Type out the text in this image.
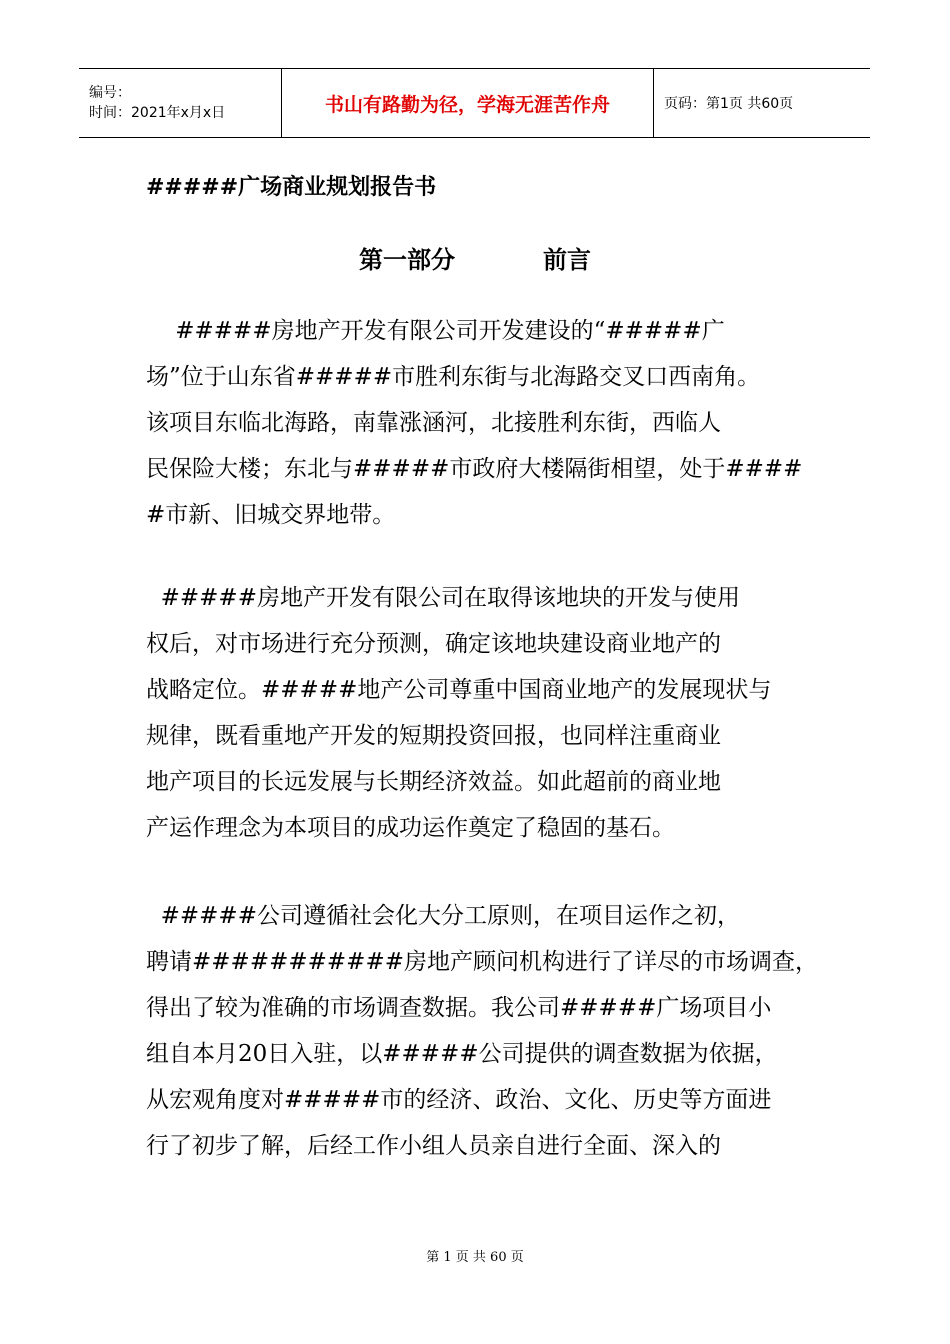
编号：
时间：2021年x月x日	书山有路勤为径，学海无涯苦作舟	页码：第1页 共60页
#####广场商业规划报告书
第一部分	前言
#####房地产开发有限公司开发建设的“#####广
场”位于山东省#####市胜利东街与北海路交叉口西南角。
该项目东临北海路，南靠涨涵河，北接胜利东街，西临人
民保险大楼；东北与#####市政府大楼隔街相望，处于####
#市新、旧城交界地带。
#####房地产开发有限公司在取得该地块的开发与使用
权后，对市场进行充分预测，确定该地块建设商业地产的
战略定位。#####地产公司尊重中国商业地产的发展现状与
规律，既看重地产开发的短期投资回报，也同样注重商业
地产项目的长远发展与长期经济效益。如此超前的商业地
产运作理念为本项目的成功运作奠定了稳固的基石。
#####公司遵循社会化大分工原则，在项目运作之初，
聘请###########房地产顾问机构进行了详尽的市场调查，
得出了较为准确的市场调查数据。我公司#####广场项目小
组自本月20日入驻，以#####公司提供的调查数据为依据，
从宏观角度对#####市的经济、政治、文化、历史等方面进
行了初步了解，后经工作小组人员亲自进行全面、深入的
第 1 页 共 60 页
